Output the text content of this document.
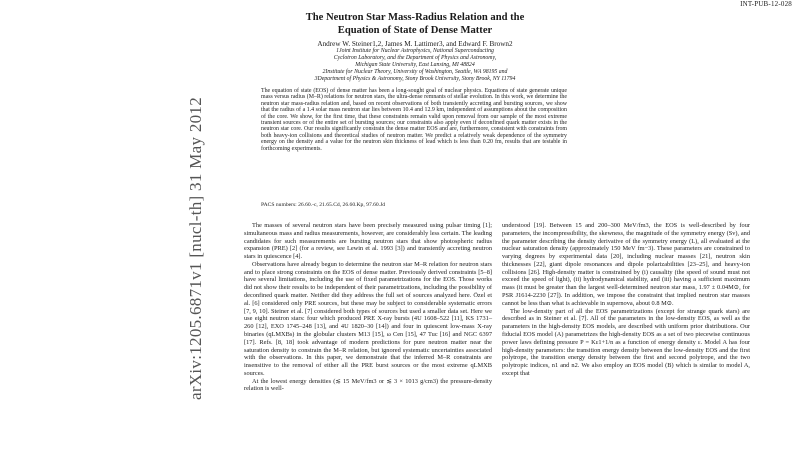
INT-PUB-12-028
arXiv:1205.6871v1 [nucl-th] 31 May 2012
The Neutron Star Mass-Radius Relation and the
Equation of State of Dense Matter
Andrew W. Steiner1,2, James M. Lattimer3, and Edward F. Brown2
1Joint Institute for Nuclear Astrophysics, National Superconducting
Cyclotron Laboratory, and the Department of Physics and Astronomy,
Michigan State University, East Lansing, MI 48824
2Institute for Nuclear Theory, University of Washington, Seattle, WA 98195 and
3Department of Physics & Astronomy, Stony Brook University, Stony Brook, NY 11794
The equation of state (EOS) of dense matter has been a long-sought goal of nuclear physics. Equations of state generate unique mass versus radius (M–R) relations for neutron stars, the ultra-dense remnants of stellar evolution. In this work, we determine the neutron star mass-radius relation and, based on recent observations of both transiently accreting and bursting sources, we show that the radius of a 1.4 solar mass neutron star lies between 10.4 and 12.9 km, independent of assumptions about the composition of the core. We show, for the first time, that these constraints remain valid upon removal from our sample of the most extreme transient sources or of the entire set of bursting sources; our constraints also apply even if deconfined quark matter exists in the neutron star core. Our results significantly constrain the dense matter EOS and are, furthermore, consistent with constraints from both heavy-ion collisions and theoretical studies of neutron matter. We predict a relatively weak dependence of the symmetry energy on the density and a value for the neutron skin thickness of lead which is less than 0.20 fm, results that are testable in forthcoming experiments.
PACS numbers: 26.60.-c, 21.65.Cd, 26.60.Kp, 97.60.Jd

The masses of several neutron stars have been precisely measured using pulsar timing [1]; simultaneous mass and radius measurements, however, are considerably less certain. The leading candidates for such measurements are bursting neutron stars that show photospheric radius expansion (PRE) [2] (for a review, see Lewin et al. 1993 [3]) and transiently accreting neutron stars in quiescence [4].

Observations have already begun to determine the neutron star M–R relation for neutron stars and to place strong constraints on the EOS of dense matter. Previously derived constraints [5–8] have several limitations, including the use of fixed parametrizations for the EOS. Those works did not show their results to be independent of their parametrizations, including the possibility of deconfined quark matter. Neither did they address the full set of sources analyzed here. Özel et al. [6] considered only PRE sources, but these may be subject to considerable systematic errors [7, 9, 10]. Steiner et al. [7] considered both types of sources but used a smaller data set. Here we use eight neutron stars: four which produced PRE X-ray bursts (4U 1608–522 [11], KS 1731–260 [12], EXO 1745–248 [13], and 4U 1820–30 [14]) and four in quiescent low-mass X-ray binaries (qLMXBs) in the globular clusters M13 [15], ω Cen [15], 47 Tuc [16] and NGC 6397 [17]. Refs. [8, 18] took advantage of modern predictions for pure neutron matter near the saturation density to constrain the M–R relation, but ignored systematic uncertainties associated with the observations. In this paper, we demonstrate that the inferred M–R constraints are insensitive to the removal of either all the PRE burst sources or the most extreme qLMXB sources.

At the lowest energy densities (≲ 15 MeV/fm3 or ≲ 3 × 1013 g/cm3) the pressure-density relation is well-

understood [19]. Between 15 and 200–300 MeV/fm3, the EOS is well-described by four parameters, the incompressibility, the skewness, the magnitude of the symmetry energy (Sv), and the parameter describing the density derivative of the symmetry energy (L), all evaluated at the nuclear saturation density (approximately 150 MeV fm−3). These parameters are constrained to varying degrees by experimental data [20], including nuclear masses [21], neutron skin thicknesses [22], giant dipole resonances and dipole polarizabilities [23–25], and heavy-ion collisions [26]. High-density matter is constrained by (i) causality (the speed of sound must not exceed the speed of light), (ii) hydrodynamical stability, and (iii) having a sufficient maximum mass (it must be greater than the largest well-determined neutron star mass, 1.97 ± 0.04M⊙, for PSR J1614-2230 [27]). In addition, we impose the constraint that implied neutron star masses cannot be less than what is achievable in supernova, about 0.8 M⊙.

The low-density part of all the EOS parametrizations (except for strange quark stars) are described as in Steiner et al. [7]. All of the parameters in the low-density EOS, as well as the parameters in the high-density EOS models, are described with uniform prior distributions. Our fiducial EOS model (A) parametrizes the high-density EOS as a set of two piecewise continuous power laws defining pressure P = Kε1+1/n as a function of energy density ε. Model A has four high-density parameters: the transition energy density between the low-density EOS and the first polytrope, the transition energy density between the first and second polytrope, and the two polytropic indices, n1 and n2. We also employ an EOS model (B) which is similar to model A, except that
